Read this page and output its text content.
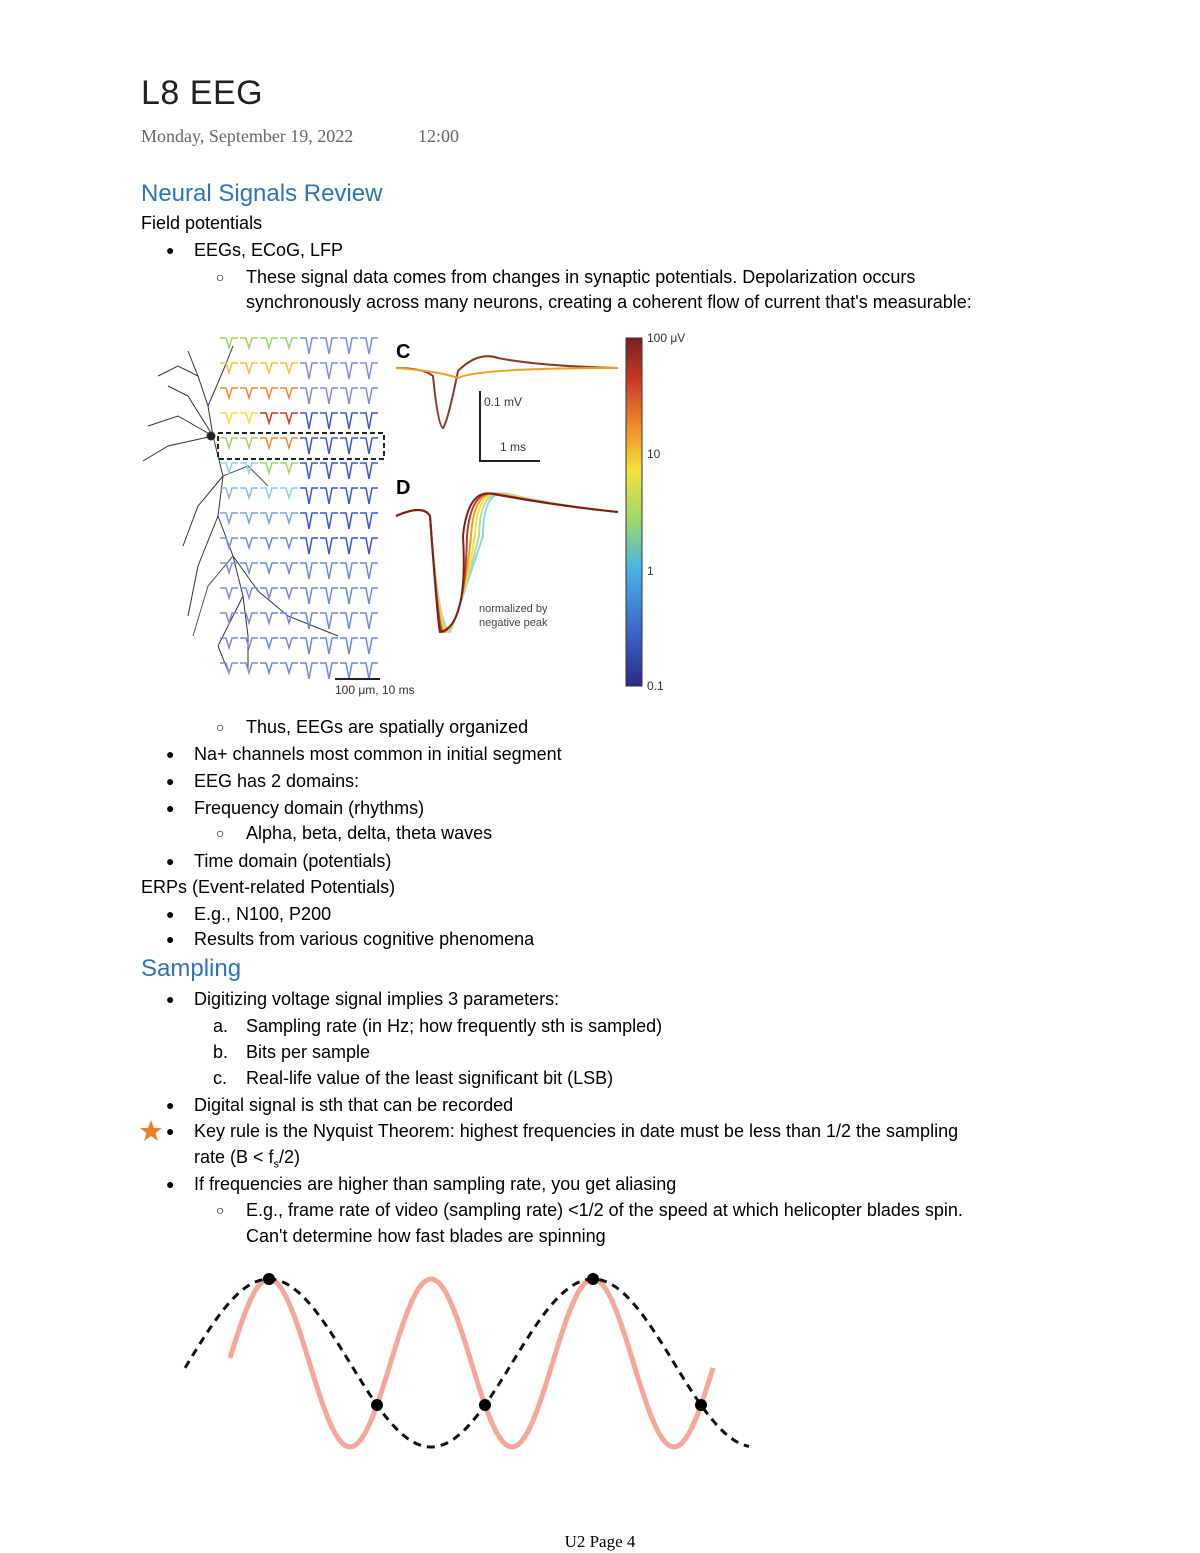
L8 EEG
Monday, September 19, 2022	12:00
Neural Signals Review
Field potentials
● EEGs, ECoG, LFP
○ These signal data comes from changes in synaptic potentials. Depolarization occurs
synchronously across many neurons, creating a coherent flow of current that's measurable:
100 μm, 10 ms
C
0.1 mV
1 ms
D
normalized by
negative peak
100 μV
10
1
0.1
○ Thus, EEGs are spatially organized
● Na+ channels most common in initial segment
● EEG has 2 domains:
● Frequency domain (rhythms)
○ Alpha, beta, delta, theta waves
● Time domain (potentials)
ERPs (Event-related Potentials)
● E.g., N100, P200
● Results from various cognitive phenomena
Sampling
● Digitizing voltage signal implies 3 parameters:
a. Sampling rate (in Hz; how frequently sth is sampled)
b. Bits per sample
c. Real-life value of the least significant bit (LSB)
● Digital signal is sth that can be recorded
● Key rule is the Nyquist Theorem: highest frequencies in date must be less than 1/2 the sampling
rate $(B < f_s/2)$
● If frequencies are higher than sampling rate, you get aliasing
○ E.g., frame rate of video (sampling rate) <1/2 of the speed at which helicopter blades spin.
Can't determine how fast blades are spinning
U2 Page 4
